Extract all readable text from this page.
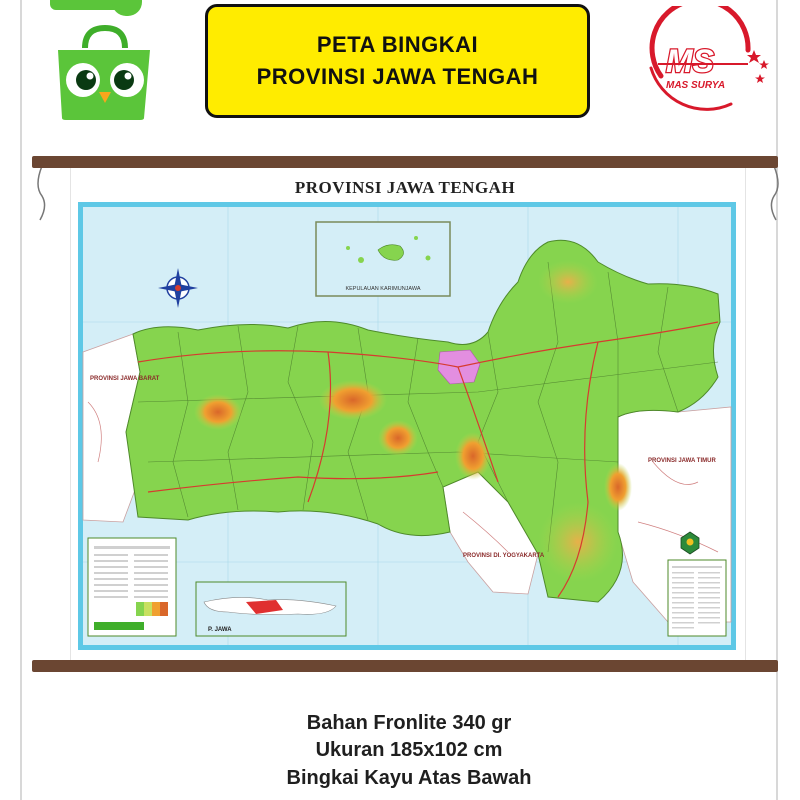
PETA BINGKAI
PROVINSI JAWA TENGAH	MS
MAS SURYA
PROVINSI JAWA TENGAH
KEPULAUAN KARIMUNJAWA
PROVINSI JAWA BARAT
PROVINSI JAWA TIMUR
PROVINSI DI. YOGYAKARTA
P. JAWA
Bahan Fronlite 340 gr
Ukuran 185x102 cm
Bingkai Kayu Atas Bawah
